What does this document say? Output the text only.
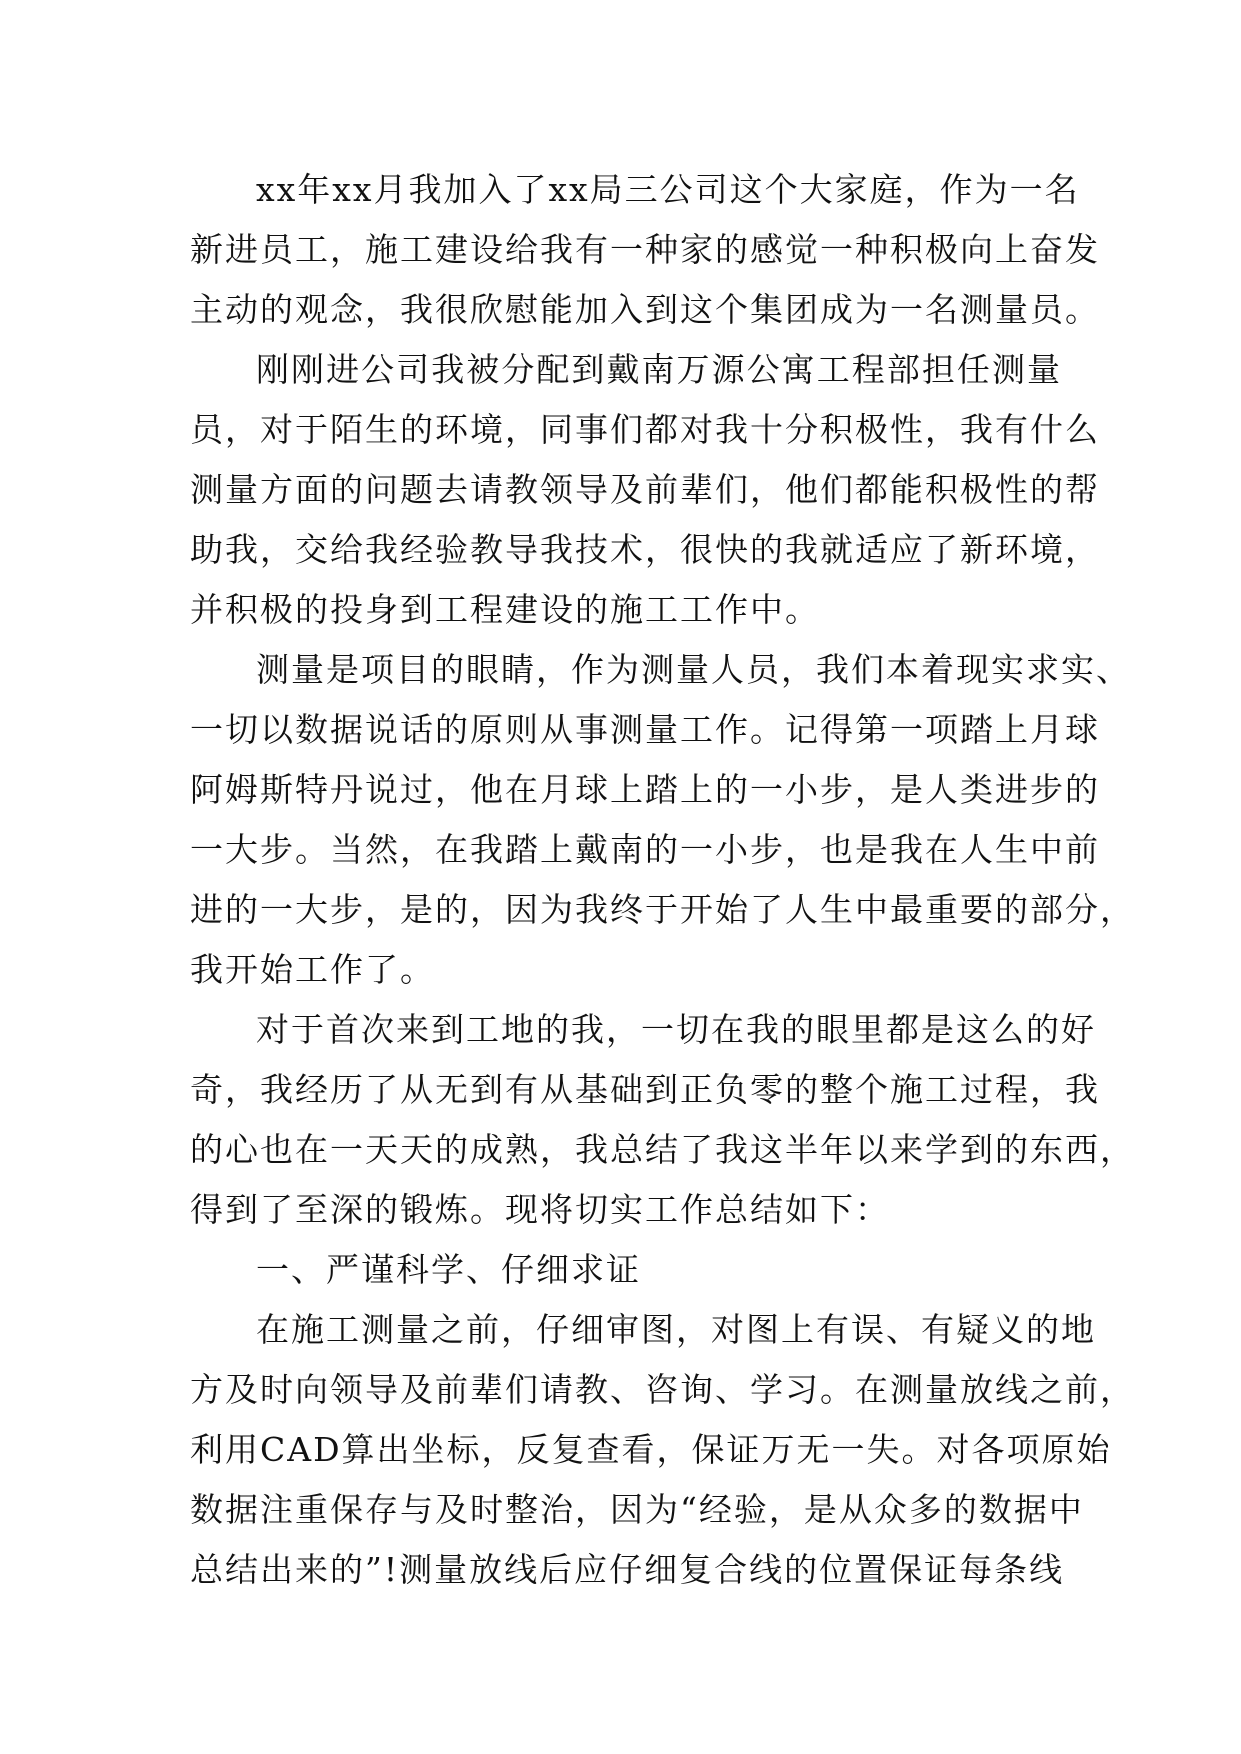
xx年xx月我加入了xx局三公司这个大家庭，作为一名
新进员工，施工建设给我有一种家的感觉一种积极向上奋发
主动的观念，我很欣慰能加入到这个集团成为一名测量员。
刚刚进公司我被分配到戴南万源公寓工程部担任测量
员，对于陌生的环境，同事们都对我十分积极性，我有什么
测量方面的问题去请教领导及前辈们，他们都能积极性的帮
助我，交给我经验教导我技术，很快的我就适应了新环境，
并积极的投身到工程建设的施工工作中。
测量是项目的眼睛，作为测量人员，我们本着现实求实、
一切以数据说话的原则从事测量工作。记得第一项踏上月球
阿姆斯特丹说过，他在月球上踏上的一小步，是人类进步的
一大步。当然，在我踏上戴南的一小步，也是我在人生中前
进的一大步，是的，因为我终于开始了人生中最重要的部分，
我开始工作了。
对于首次来到工地的我，一切在我的眼里都是这么的好
奇，我经历了从无到有从基础到正负零的整个施工过程，我
的心也在一天天的成熟，我总结了我这半年以来学到的东西，
得到了至深的锻炼。现将切实工作总结如下：
一、严谨科学、仔细求证
在施工测量之前，仔细审图，对图上有误、有疑义的地
方及时向领导及前辈们请教、咨询、学习。在测量放线之前，
利用CAD算出坐标，反复查看，保证万无一失。对各项原始
数据注重保存与及时整治，因为“经验，是从众多的数据中
总结出来的”!测量放线后应仔细复合线的位置保证每条线
